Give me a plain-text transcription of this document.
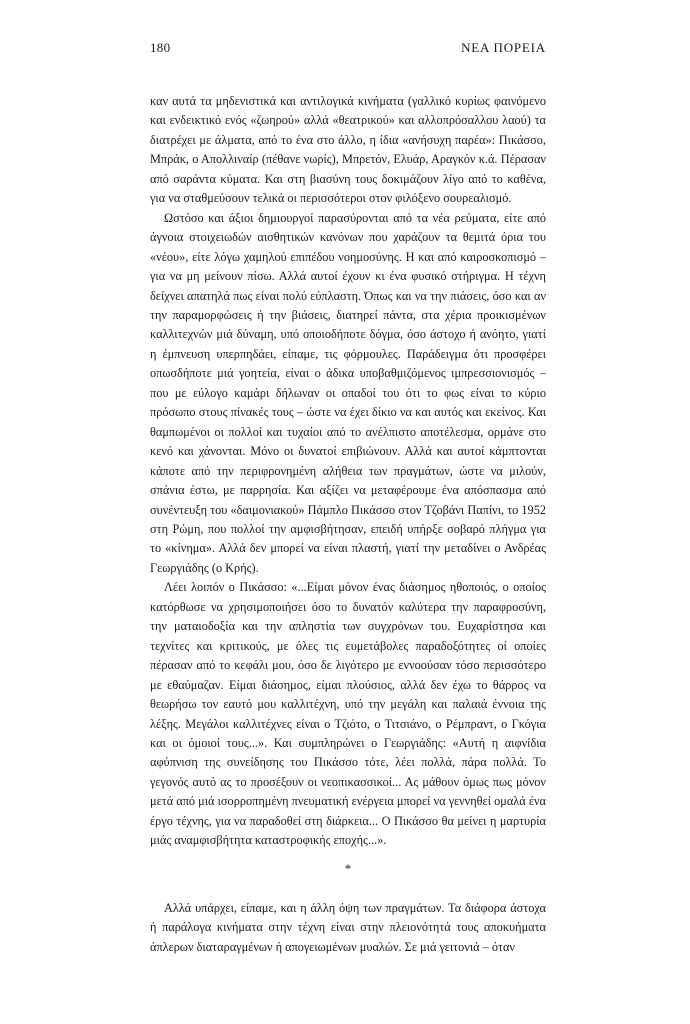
180	ΝΕΑ ΠΟΡΕΙΑ

καν αυτά τα μηδενιστικά και αντιλογικά κινήματα (γαλλικό κυρίως φαινόμενο και ενδεικτικό ενός «ζωηρού» αλλά «θεατρικού» και αλλοπρόσαλλου λαού) τα διατρέχει με άλματα, από το ένα στο άλλο, η ίδια «ανήσυχη παρέα»: Πικάσσο, Μπράκ, ο Απολλιναίρ (πέθανε νωρίς), Μπρετόν, Ελυάρ, Αραγκόν κ.ά. Πέρασαν από σαράντα κύματα. Και στη βιασύνη τους δοκιμάζουν λίγο από το καθένα, για να σταθμεύσουν τελικά οι περισσότεροι στον φιλόξενο σουρεαλισμό.

Ωστόσο και άξιοι δημιουργοί παρασύρονται από τα νέα ρεύματα, είτε από άγνοια στοιχειωδών αισθητικών κανόνων που χαράζουν τα θεμιτά όρια του «νέου», είτε λόγω χαμηλού επιπέδου νοημοσύνης. Η και από καιροσκοπισμό – για να μη μείνουν πίσω. Αλλά αυτοί έχουν κι ένα φυσικό στήριγμα. Η τέχνη δείχνει απατηλά πως είναι πολύ εύπλαστη. Όπως και να την πιάσεις, όσο και αν την παραμορφώσεις ή την βιάσεις, διατηρεί πάντα, στα χέρια προικισμένων καλλιτεχνών μιά δύναμη, υπό οποιοδήποτε δόγμα, όσο άστοχο ή ανόητο, γιατί η έμπνευση υπερπηδάει, είπαμε, τις φόρμουλες. Παράδειγμα ότι προσφέρει οπωσδήποτε μιά γοητεία, είναι ο άδικα υποβαθμιζόμενος ιμπρεσσιονισμός – που με εύλογο καμάρι δήλωναν οι οπαδοί του ότι το φως είναι το κύριο πρόσωπο στους πίνακές τους – ώστε να έχει δίκιο να και αυτός και εκείνος. Και θαμπωμένοι οι πολλοί και τυχαίοι από το ανέλπιστο αποτέλεσμα, ορμάνε στο κενό και χάνονται. Μόνο οι δυνατοί επιβιώνουν. Αλλά και αυτοί κάμπτονται κάποτε από την περιφρονημένη αλήθεια των πραγμάτων, ώστε να μιλούν, σπάνια έστω, με παρρησία. Και αξίζει να μεταφέρουμε ένα απόσπασμα από συνέντευξη του «δαιμονιακού» Πάμπλο Πικάσσο στον Τζοβάνι Παπίνι, το 1952 στη Ρώμη, που πολλοί την αμφισβήτησαν, επειδή υπήρξε σοβαρό πλήγμα για το «κίνημα». Αλλά δεν μπορεί να είναι πλαστή, γιατί την μεταδίνει ο Ανδρέας Γεωργιάδης (ο Κρής).

Λέει λοιπόν ο Πικάσσο: «...Είμαι μόνον ένας διάσημος ηθοποιός, ο οποίος κατόρθωσε να χρησιμοποιήσει όσο το δυνατόν καλύτερα την παραφροσύνη, την ματαιοδοξία και την απληστία των συγχρόνων του. Ευχαρίστησα και τεχνίτες και κριτικούς, με όλες τις ευμετάβολες παραδοξότητες οί οποίες πέρασαν από το κεφάλι μου, όσο δε λιγότερο με εννοούσαν τόσο περισσότερο με εθαύμαζαν. Είμαι διάσημος, είμαι πλούσιος, αλλά δεν έχω το θάρρος να θεωρήσω τον εαυτό μου καλλιτέχνη, υπό την μεγάλη και παλαιά έννοια της λέξης. Μεγάλοι καλλιτέχνες είναι ο Τζιότο, ο Τιτσιάνο, ο Ρέμπραντ, ο Γκόγια και οι όμοιοί τους...». Και συμπληρώνει ο Γεωργιάδης: «Αυτή η αιφνίδια αφύπνιση της συνείδησης του Πικάσσο τότε, λέει πολλά, πάρα πολλά. Το γεγονός αυτό ας το προσέξουν οι νεοπικασσικοί... Ας μάθουν όμως πως μόνον μετά από μιά ισορροπημένη πνευματική ενέργεια μπορεί να γεννηθεί ομαλά ένα έργο τέχνης, για να παραδοθεί στη διάρκεια... Ο Πικάσσο θα μείνει η μαρτυρία μιάς αναμφισβήτητα καταστροφικής εποχής...».

*

Αλλά υπάρχει, είπαμε, και η άλλη όψη των πραγμάτων. Τα διάφορα άστοχα ή παράλογα κινήματα στην τέχνη είναι στην πλειονότητά τους αποκυήματα άπλερων διαταραγμένων ή απογειωμένων μυαλών. Σε μιά γειτονιά – όταν
